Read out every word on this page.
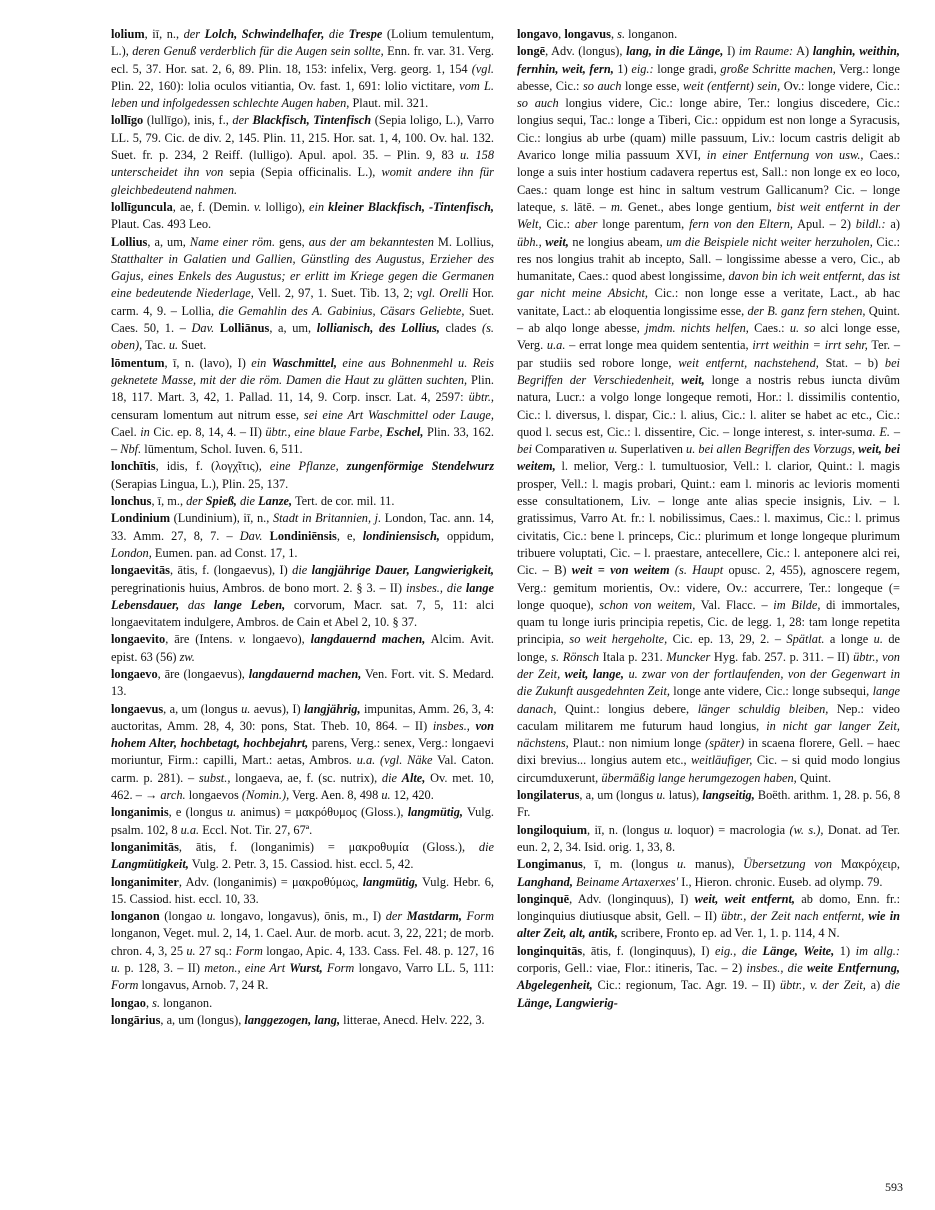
lolium, iī, n., der Lolch, Schwindelhafer, die Trespe (Lolium temulentum, L.), deren Genuß verderblich für die Augen sein sollte, Enn. fr. var. 31. Verg. ecl. 5, 37. Hor. sat. 2, 6, 89. Plin. 18, 153: infelix, Verg. georg. 1, 154 (vgl. Plin. 22, 160): lolia oculos vitiantia, Ov. fast. 1, 691: lolio victitare, vom L. leben und infolgedessen schlechte Augen haben, Plaut. mil. 321.

lollīgo (lullīgo), inis, f., der Blackfisch, Tintenfisch (Sepia loligo, L.), Varro LL. 5, 79. Cic. de div. 2, 145. Plin. 11, 215. Hor. sat. 1, 4, 100. Ov. hal. 132. Suet. fr. p. 234, 2 Reiff. (lulligo). Apul. apol. 35. – Plin. 9, 83 u. 158 unterscheidet ihn von sepia (Sepia officinalis. L.), womit andere ihn für gleichbedeutend nahmen.

lollīguncula, ae, f. (Demin. v. lolligo), ein kleiner Blackfisch, -Tintenfisch, Plaut. Cas. 493 Leo.

Lollius, a, um, Name einer röm. gens, aus der am bekanntesten M. Lollius, Statthalter in Galatien und Gallien, Günstling des Augustus, Erzieher des Gajus, eines Enkels des Augustus; er erlitt im Kriege gegen die Germanen eine bedeutende Niederlage, Vell. 2, 97, 1. Suet. Tib. 13, 2; vgl. Orelli Hor. carm. 4, 9. – Lollia, die Gemahlin des A. Gabinius, Cäsars Geliebte, Suet. Caes. 50, 1. – Dav. Lolliānus, a, um, lollianisch, des Lollius, clades (s. oben), Tac. u. Suet.

lōmentum, ī, n. (lavo), I) ein Waschmittel, eine aus Bohnenmehl u. Reis geknetete Masse, mit der die röm. Damen die Haut zu glätten suchten, Plin. 18, 117. Mart. 3, 42, 1. Pallad. 11, 14, 9. Corp. inscr. Lat. 4, 2597: übtr., censuram lomentum aut nitrum esse, sei eine Art Waschmittel oder Lauge, Cael. in Cic. ep. 8, 14, 4. – II) übtr., eine blaue Farbe, Eschel, Plin. 33, 162. – Nbf. lūmentum, Schol. Iuven. 6, 511.

lonchītis, idis, f. (λογχῖτις), eine Pflanze, zungenförmige Stendelwurz (Serapias Lingua, L.), Plin. 25, 137.

lonchus, ī, m., der Spieß, die Lanze, Tert. de cor. mil. 11.

Londinium (Lundinium), iī, n., Stadt in Britannien, j. London, Tac. ann. 14, 33. Amm. 27, 8, 7. – Dav. Londiniēnsis, e, londiniensisch, oppidum, London, Eumen. pan. ad Const. 17, 1.

longaevitās, ātis, f. (longaevus), I) die langjährige Dauer, Langwierigkeit, peregrinationis huius, Ambros. de bono mort. 2. § 3. – II) insbes., die lange Lebensdauer, das lange Leben, corvorum, Macr. sat. 7, 5, 11: alci longaevitatem indulgere, Ambros. de Cain et Abel 2, 10. § 37.

longaevito, āre (Intens. v. longaevo), langdauernd machen, Alcim. Avit. epist. 63 (56) zw.

longaevo, āre (longaevus), langdauernd machen, Ven. Fort. vit. S. Medard. 13.

longaevus, a, um (longus u. aevus), I) langjährig, impunitas, Amm. 26, 3, 4: auctoritas, Amm. 28, 4, 30: pons, Stat. Theb. 10, 864. – II) insbes., von hohem Alter, hochbetagt, hochbejahrt, parens, Verg.: senex, Verg.: longaevi moriuntur, Firm.: capilli, Mart.: aetas, Ambros. u.a. (vgl. Näke Val. Caton. carm. p. 281). – subst., longaeva, ae, f. (sc. nutrix), die Alte, Ov. met. 10, 462. – → arch. longaevos (Nomin.), Verg. Aen. 8, 498 u. 12, 420.

longanimis, e (longus u. animus) = μακρόθυμος (Gloss.), langmütig, Vulg. psalm. 102, 8 u.a. Eccl. Not. Tir. 27, 67ª.

longanimitās, ātis, f. (longanimis) = μακροθυμία (Gloss.), die Langmütigkeit, Vulg. 2. Petr. 3, 15. Cassiod. hist. eccl. 5, 42.

longanimiter, Adv. (longanimis) = μακροθύμως, langmütig, Vulg. Hebr. 6, 15. Cassiod. hist. eccl. 10, 33.

longanon (longao u. longavo, longavus), ōnis, m., I) der Mastdarm, Form longanon, Veget. mul. 2, 14, 1. Cael. Aur. de morb. acut. 3, 22, 221; de morb. chron. 4, 3, 25 u. 27 sq.: Form longao, Apic. 4, 133. Cass. Fel. 48. p. 127, 16 u. p. 128, 3. – II) meton., eine Art Wurst, Form longavo, Varro LL. 5, 111: Form longavus, Arnob. 7, 24 R.

longao, s. longanon.

longārius, a, um (longus), langgezogen, lang, litterae, Anecd. Helv. 222, 3.

longavo, longavus, s. longanon.

longē, Adv. (longus), lang, in die Länge, I) im Raume: A) langhin, weithin, fernhin, weit, fern, 1) eig.: longe gradi, große Schritte machen, Verg.: longe abesse, Cic.: so auch longe esse, weit (entfernt) sein, Ov.: longe videre, Cic.: so auch longius videre, Cic.: longe abire, Ter.: longius discedere, Cic.: longius sequi, Tac.: longe a Tiberi, Cic.: oppidum est non longe a Syracusis, Cic.: longius ab urbe (quam) mille passuum, Liv.: locum castris deligit ab Avarico longe milia passuum XVI, in einer Entfernung von usw., Caes.: longe a suis inter hostium cadavera repertus est, Sall.: non longe ex eo loco, Caes.: quam longe est hinc in saltum vestrum Gallicanum? Cic. – longe lateque, s. lātē. – m. Genet., abes longe gentium, bist weit entfernt in der Welt, Cic.: aber longe parentum, fern von den Eltern, Apul. – 2) bildl.: a) übh., weit, ne longius abeam, um die Beispiele nicht weiter herzuholen, Cic.: res nos longius trahit ab incepto, Sall. – longissime abesse a vero, Cic., ab humanitate, Caes.: quod abest longissime, davon bin ich weit entfernt, das ist gar nicht meine Absicht, Cic.: non longe esse a veritate, Lact., ab hac vanitate, Lact.: ab eloquentia longissime esse, der B. ganz fern stehen, Quint. – ab alqo longe abesse, jmdm. nichts helfen, Caes.: u. so alci longe esse, Verg. u.a. – errat longe mea quidem sententia, irrt weithin = irrt sehr, Ter. – par studiis sed robore longe, weit entfernt, nachstehend, Stat. – b) bei Begriffen der Verschiedenheit, weit, longe a nostris rebus iuncta divûm natura, Lucr.: a volgo longe longeque remoti, Hor.: l. dissimilis contentio, Cic.: l. diversus, l. dispar, Cic.: l. alius, Cic.: l. aliter se habet ac etc., Cic.: quod l. secus est, Cic.: l. dissentire, Cic. – longe interest, s. inter-suma. E. – bei Comparativen u. Superlativen u. bei allen Begriffen des Vorzugs, weit, bei weitem, l. melior, Verg.: l. tumultuosior, Vell.: l. clarior, Quint.: l. magis prosper, Vell.: l. magis probari, Quint.: eam l. minoris ac levioris momenti esse consultationem, Liv. – longe ante alias specie insignis, Liv. – l. gratissimus, Varro At. fr.: l. nobilissimus, Caes.: l. maximus, Cic.: l. primus civitatis, Cic.: bene l. princeps, Cic.: plurimum et longe longeque plurimum tribuere voluptati, Cic. – l. praestare, antecellere, Cic.: l. anteponere alci rei, Cic. – B) weit = von weitem (s. Haupt opusc. 2, 455), agnoscere regem, Verg.: gemitum morientis, Ov.: videre, Ov.: accurrere, Ter.: longeque (= longe quoque), schon von weitem, Val. Flacc. – im Bilde, di immortales, quam tu longe iuris principia repetis, Cic. de legg. 1, 28: tam longe repetita principia, so weit hergeholte, Cic. ep. 13, 29, 2. – Spätlat. a longe u. de longe, s. Rönsch Itala p. 231. Muncker Hyg. fab. 257. p. 311. – II) übtr., von der Zeit, weit, lange, u. zwar von der fortlaufenden, von der Gegenwart in die Zukunft ausgedehnten Zeit, longe ante videre, Cic.: longe subsequi, lange danach, Quint.: longius debere, länger schuldig bleiben, Nep.: video caculam militarem me futurum haud longius, in nicht gar langer Zeit, nächstens, Plaut.: non nimium longe (später) in scaena florere, Gell. – haec dixi brevius... longius autem etc., weitläufiger, Cic. – si quid modo longius circumduxerunt, übermäßig lange herumgezogen haben, Quint.

longilaterus, a, um (longus u. latus), langseitig, Boëth. arithm. 1, 28. p. 56, 8 Fr.

longiloquium, iī, n. (longus u. loquor) = macrologia (w. s.), Donat. ad Ter. eun. 2, 2, 34. Isid. orig. 1, 33, 8.

Longimanus, ī, m. (longus u. manus), Übersetzung von Μακρόχειρ, Langhand, Beiname Artaxerxes' I., Hieron. chronic. Euseb. ad olymp. 79.

longinquē, Adv. (longinquus), I) weit, weit entfernt, ab domo, Enn. fr.: longinquius diutiusque absit, Gell. – II) übtr., der Zeit nach entfernt, wie in alter Zeit, alt, antik, scribere, Fronto ep. ad Ver. 1, 1. p. 114, 4 N.

longinquitās, ātis, f. (longinquus), I) eig., die Länge, Weite, 1) im allg.: corporis, Gell.: viae, Flor.: itineris, Tac. – 2) insbes., die weite Entfernung, Abgelegenheit, Cic.: regionum, Tac. Agr. 19. – II) übtr., v. der Zeit, a) die Länge, Langwierig-

593
